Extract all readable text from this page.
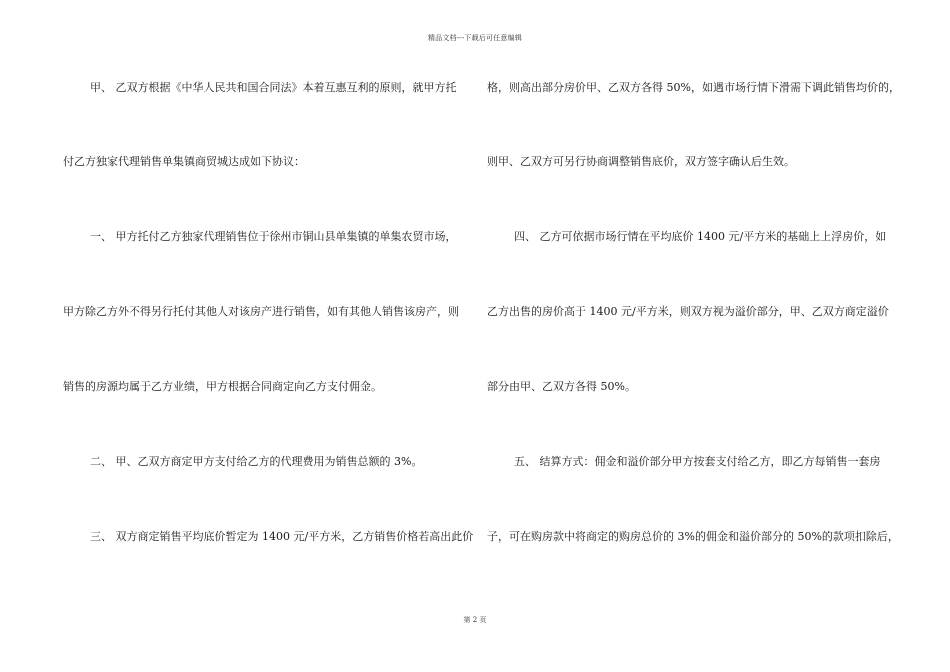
精品文档---下载后可任意编辑
甲、 乙双方根据《中华人民共和国合同法》本着互惠互利的原则，就甲方托
付乙方独家代理销售单集镇商贸城达成如下协议：
一、 甲方托付乙方独家代理销售位于徐州市铜山县单集镇的单集农贸市场，
甲方除乙方外不得另行托付其他人对该房产进行销售，如有其他人销售该房产，则
销售的房源均属于乙方业绩，甲方根据合同商定向乙方支付佣金。
二、 甲、乙双方商定甲方支付给乙方的代理费用为销售总额的 3%。
三、 双方商定销售平均底价暂定为 1400 元/平方米，乙方销售价格若高出此价
格，则高出部分房价甲、乙双方各得 50%，如遇市场行情下滑需下调此销售均价的，
则甲、乙双方可另行协商调整销售底价，双方签字确认后生效。
四、 乙方可依据市场行情在平均底价 1400 元/平方米的基础上上浮房价，如
乙方出售的房价高于 1400 元/平方米，则双方视为溢价部分，甲、乙双方商定溢价
部分由甲、乙双方各得 50%。
五、 结算方式：佣金和溢价部分甲方按套支付给乙方，即乙方每销售一套房
子，可在购房款中将商定的购房总价的 3%的佣金和溢价部分的 50%的款项扣除后，
第 2 页
